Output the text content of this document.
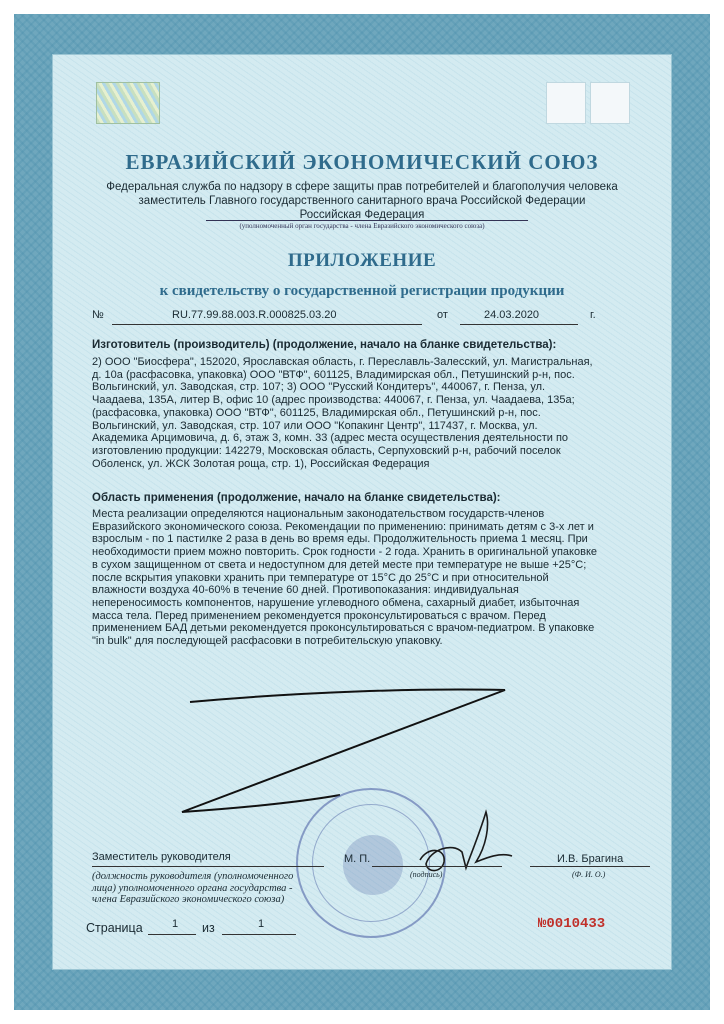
ЕВРАЗИЙСКИЙ ЭКОНОМИЧЕСКИЙ СОЮЗ
Федеральная служба по надзору в сфере защиты прав потребителей и благополучия человека
заместитель Главного государственного санитарного врача Российской Федерации
Российская Федерация
(уполномоченный орган государства - члена Евразийского экономического союза)
ПРИЛОЖЕНИЕ
к свидетельству о государственной регистрации продукции
№	RU.77.99.88.003.R.000825.03.20	от	24.03.2020	г.
Изготовитель (производитель) (продолжение, начало на бланке свидетельства):
2) ООО "Биосфера", 152020, Ярославская область, г. Переславль-Залесский, ул. Магистральная,
д. 10а (расфасовка, упаковка) ООО "ВТФ", 601125, Владимирская обл., Петушинский р-н, пос.
Вольгинский, ул. Заводская, стр. 107; 3) ООО "Русский Кондитеръ", 440067, г. Пенза, ул.
Чаадаева, 135А, литер В, офис 10 (адрес производства: 440067, г. Пенза, ул. Чаадаева, 135а;
(расфасовка, упаковка) ООО "ВТФ", 601125, Владимирская обл., Петушинский р-н, пос.
Вольгинский, ул. Заводская, стр. 107 или ООО "Копакинг Центр", 117437, г. Москва, ул.
Академика Арцимовича, д. 6, этаж 3, комн. 33 (адрес места осуществления деятельности по
изготовлению продукции: 142279, Московская область, Серпуховский р-н, рабочий поселок
Оболенск, ул. ЖСК Золотая роща, стр. 1), Российская Федерация
Область применения (продолжение, начало на бланке свидетельства):
Места реализации определяются национальным законодательством государств-членов
Евразийского экономического союза. Рекомендации по применению: принимать детям с 3-х лет и
взрослым - по 1 пастилке 2 раза в день во время еды. Продолжительность приема 1 месяц. При
необходимости прием можно повторить. Срок годности - 2 года. Хранить в оригинальной упаковке
в сухом защищенном от света и недоступном для детей месте при температуре не выше +25°С;
после вскрытия упаковки хранить при температуре от 15°С до 25°С и при относительной
влажности воздуха 40-60% в течение 60 дней. Противопоказания: индивидуальная
непереносимость компонентов, нарушение углеводного обмена, сахарный диабет, избыточная
масса тела. Перед применением рекомендуется проконсультироваться с врачом. Перед
применением БАД детьми рекомендуется проконсультироваться с врачом-педиатром. В упаковке
"in bulk" для последующей расфасовки в потребительскую упаковку.
Заместитель руководителя	М. П.
(подпись)
И.В. Брагина
(Ф. И. О.)
(должность руководителя (уполномоченного
лица) уполномоченного органа государства -
члена Евразийского экономического союза)
Страница	1 из	1	№0010433
